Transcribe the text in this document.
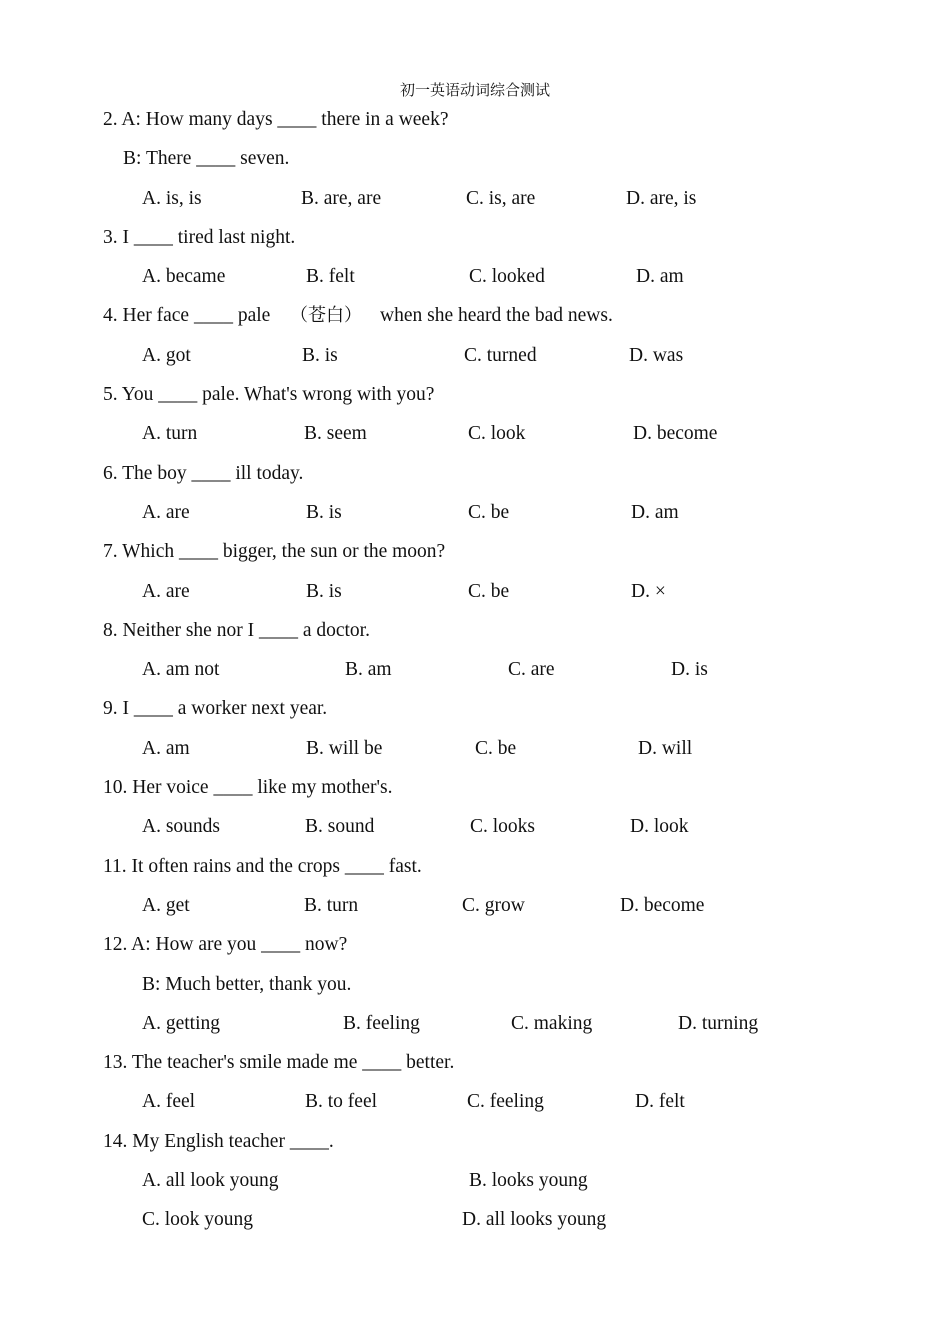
初一英语动词综合测试
2. A: How many days ____ there in a week?
B: There ____ seven.
A. is, is	B. are, are	C. is, are	D. are, is
3. I ____ tired last night.
A. became	B. felt	C. looked	D. am
4. Her face ____ pale （苍白） when she heard the bad news.
A. got	B. is	C. turned	D. was
5. You ____ pale. What's wrong with you?
A. turn	B. seem	C. look	D. become
6. The boy ____ ill today.
A. are	B. is	C. be	D. am
7. Which ____ bigger, the sun or the moon?
A. are	B. is	C. be	D. ×
8. Neither she nor I ____ a doctor.
A. am not	B. am	C. are	D. is
9. I ____ a worker next year.
A. am	B. will be	C. be	D. will
10. Her voice ____ like my mother's.
A. sounds	B. sound	C. looks	D. look
11. It often rains and the crops ____ fast.
A. get	B. turn	C. grow	D. become
12. A: How are you ____ now?
B: Much better, thank you.
A. getting	B. feeling	C. making	D. turning
13. The teacher's smile made me ____ better.
A. feel	B. to feel	C. feeling	D. felt
14. My English teacher ____.
A. all look young	B. looks young
C. look young	D. all looks young
